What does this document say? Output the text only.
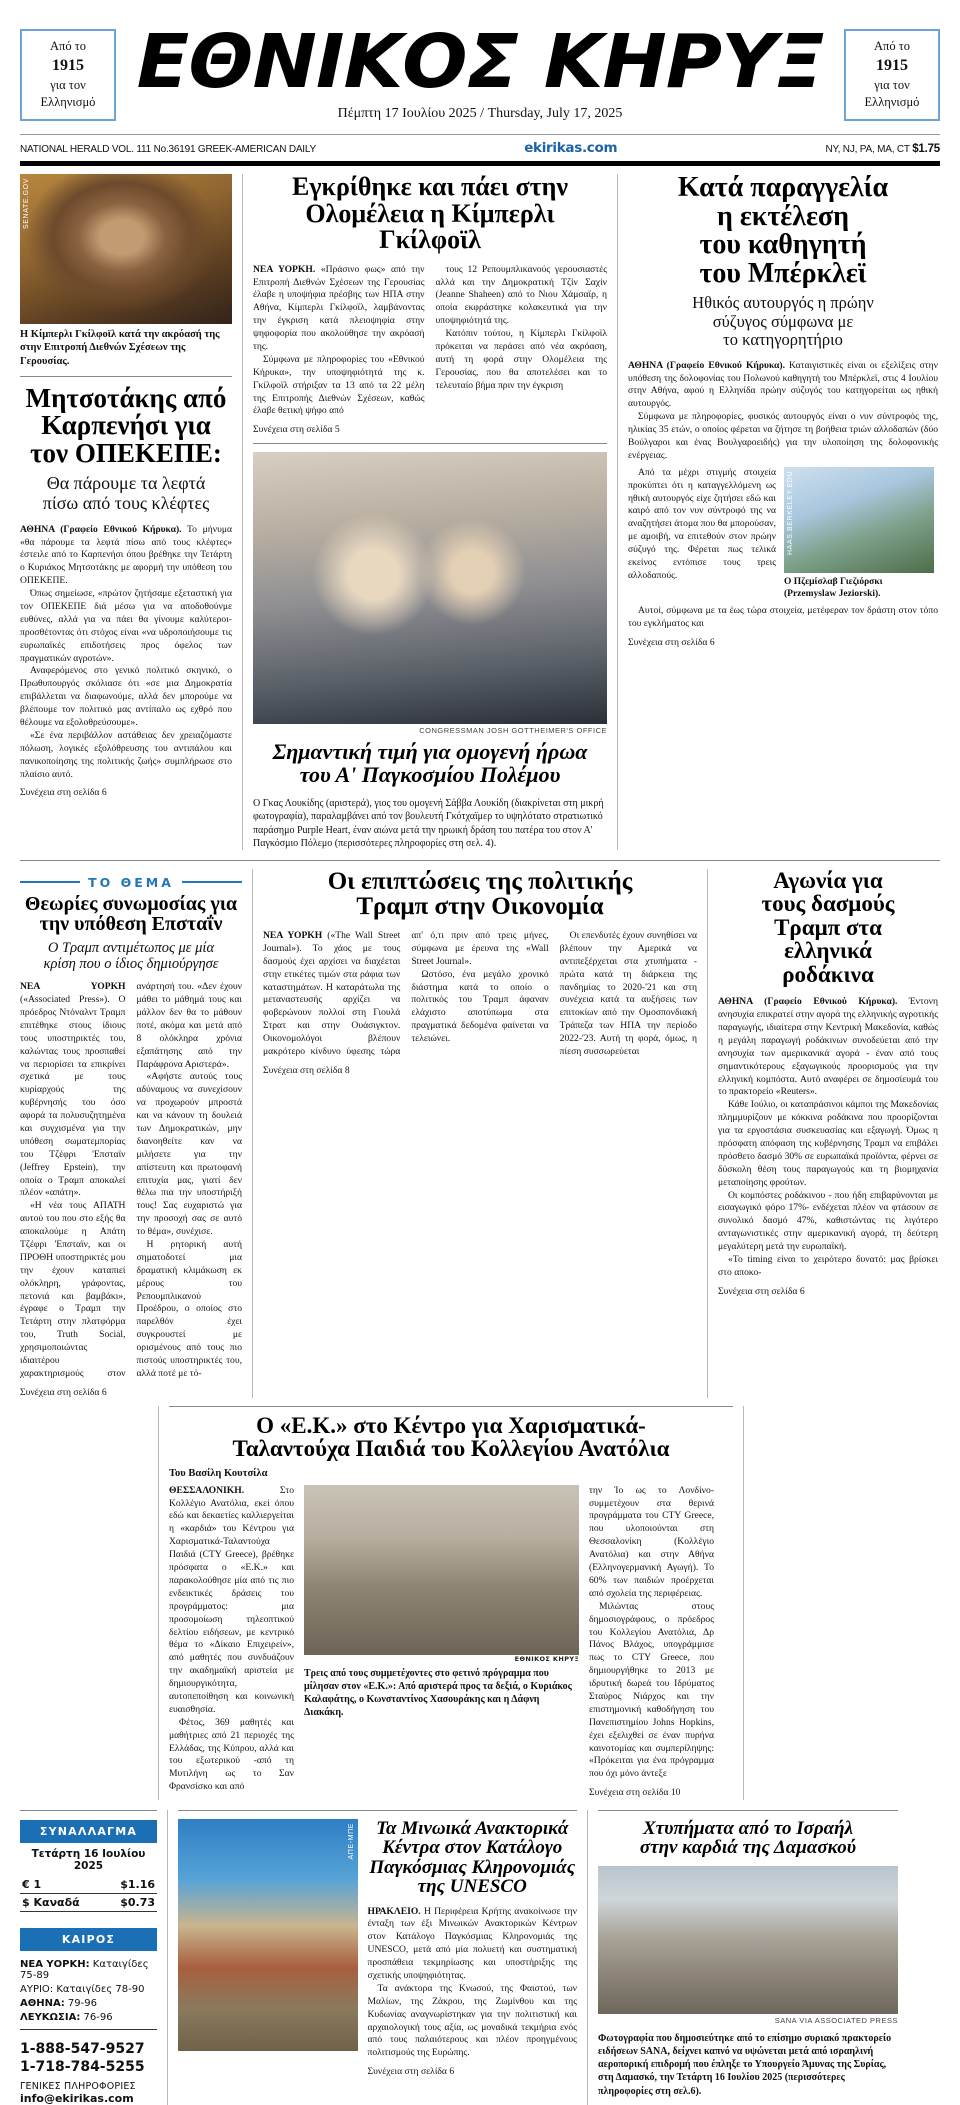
Από το
1915
για τον
Ελληνισμό ΕΘΝΙΚΟΣ ΚΗΡΥΞ
Πέμπτη 17 Ιουλίου 2025 / Thursday, July 17, 2025
Από το
1915
για τον
Ελληνισμό
NATIONAL HERALD VOL. 111 No.36191 GREEK-AMERICAN DAILY	ekirikas.com	NY, NJ, PA, MA, CT $1.75
SENATE.GOV
Η Κίμπερλι Γκίλφοϊλ κατά την ακρόασή της στην Επιτροπή Διεθνών Σχέσεων της Γερουσίας.
Μητσοτάκης από
Καρπενήσι για
τον ΟΠΕΚΕΠΕ:
Θα πάρουμε τα λεφτά
πίσω από τους κλέφτες

ΑΘΗΝΑ (Γραφείο Εθνικού Κήρυκα). Το μήνυμα «θα πάρουμε τα λεφτά πίσω από τους κλέφτες» έστειλε από το Καρπενήσι όπου βρέθηκε την Τετάρτη ο Κυριάκος Μητσοτάκης με αφορμή την υπόθεση του ΟΠΕΚΕΠΕ.

Όπως σημείωσε, «πρώτον ζητήσαμε εξεταστική για τον ΟΠΕΚΕΠΕ διά μέσω για να αποδοθούνμε ευθύνες, αλλά για να πάει θα γίνουμε καλύτεροι- προσθέτοντας ότι στόχος είναι «να υδροποιήσουμε τις ευρωπαϊκές επιδοτήσεις προς όφελος των πραγματικών αγροτών».

Αναφερόμενος στο γενικό πολιτικό σκηνικό, ο Πρωθυπουργός σκόλιασε ότι «σε μια Δημοκρατία επιβάλλεται να διαφωνούμε, αλλά δεν μπορούμε να βλέπουμε τον πολιτικό μας αντίπαλο ως εχθρό που θέλουμε να εξολοθρεύσουμε».

«Σε ένα περιβάλλον αστάθειας δεν χρειαζόμαστε πόλωση, λογικές εξολόθρευσης του αντιπάλου και πανικοποίησης της πολιτικής ζωής» συμπλήρωσε στο πλαίσιο αυτό.

Συνέχεια στη σελίδα 6
Εγκρίθηκε και πάει στην
Ολομέλεια η Κίμπερλι Γκίλφοϊλ

ΝΕΑ ΥΟΡΚΗ. «Πράσινο φως» από την Επιτροπή Διεθνών Σχέσεων της Γερουσίας έλαβε η υποψήφια πρέσβης των ΗΠΑ στην Αθήνα, Κίμπερλι Γκίλφοϊλ, λαμβάνοντας την έγκριση κατά πλειοψηφία στην ψηφοφορία που ακολούθησε την ακρόασή της.

Σύμφωνα με πληροφορίες του «Εθνικού Κήρυκα», την υποψηφιότητά της κ. Γκίλφοϊλ στήριξαν τα 13 από τα 22 μέλη της Επιτροπής Διεθνών Σχέσεων, καθώς έλαβε θετική ψήφο από

τους 12 Ρεπουμπλικανούς γερουσιαστές αλλά και την Δημοκρατική Τζίν Σαχίν (Jeanne Shaheen) από το Νιου Χάμσαϊρ, η οποία εκφράστηκε κολακευτικά για την υποψηφιότητά της.

Κατόπιν τούτου, η Κίμπερλι Γκίλφοϊλ πρόκειται να περάσει από νέα ακρόαση, αυτή τη φορά στην Ολομέλεια της Γερουσίας, που θα αποτελέσει και το τελευταίο βήμα πριν την έγκριση

Συνέχεια στη σελίδα 5
CONGRESSMAN JOSH GOTTHEIMER'S OFFICE
Σημαντική τιμή για ομογενή ήρωα
του Α' Παγκοσμίου Πολέμου
Ο Γκας Λουκίδης (αριστερά), γιος του ομογενή Σάββα Λουκίδη (διακρίνεται στη μικρή φωτογραφία), παραλαμβάνει από τον βουλευτή Γκότχαϊμερ το υψηλότατο στρατιωτικό παράσημο Purple Heart, έναν αιώνα μετά την ηρωική δράση του πατέρα του στον Α' Παγκόσμιο Πόλεμο (περισσότερες πληροφορίες στη σελ. 4).
Κατά παραγγελία
η εκτέλεση
του καθηγητή
του Μπέρκλεϊ
Ηθικός αυτουργός η πρώην
σύζυγος σύμφωνα με
το κατηγορητήριο

ΑΘΗΝΑ (Γραφείο Εθνικού Κήρυκα). Καταιγιστικές είναι οι εξελίξεις στην υπόθεση της δολοφονίας του Πολωνού καθηγητή του Μπέρκλεϊ, στις 4 Ιουλίου στην Αθήνα, αφού η Ελληνίδα πρώην σύζυγός του κατηγορείται ως ηθική αυτουργός.

Σύμφωνα με πληροφορίες, φυσικός αυτουργός είναι ο νυν σύντροφός της, ηλικίας 35 ετών, ο οποίος φέρεται να ζήτησε τη βοήθεια τριών αλλοδαπών (δύο Βούλγαροι και ένας Βουλγαροειδής) για την υλοποίηση της δολοφονικής ενέργειας.

Από τα μέχρι στιγμής στοιχεία προκύπτει ότι η καταγγελλόμενη ως ηθική αυτουργός είχε ζητήσει εδώ και καιρό από τον νυν σύντροφό της να αναζητήσει άτομα που θα μπορούσαν, με αμοιβή, να επιτεθούν στον πρώην σύζυγό της. Φέρεται πως τελικά εκείνος εντόπισε τους τρεις αλλοδαπούς.

HAAS.BERKELEY.EDU
Ο Πζεμίσλαβ Γιεζιόρσκι (Przemyslaw Jeziorski).

Αυτοί, σύμφωνα με τα έως τώρα στοιχεία, μετέφεραν τον δράστη στον τόπο του εγκλήματος και

Συνέχεια στη σελίδα 6
ΤΟ ΘΕΜΑ
Θεωρίες συνωμοσίας για
την υπόθεση Επσταΐν
Ο Τραμπ αντιμέτωπος με μία
κρίση που ο ίδιος δημιούργησε

ΝΕΑ ΥΟΡΚΗ («Associated Press»). Ο πρόεδρος Ντόναλντ Τραμπ επιτέθηκε στους ίδιους τους υποστηρικτές του, καλώντας τους προσπαθεί να περιορίσει τα επικρίνει σχετικά με τους κυρίαρχούς της κυβέρνησής του όσο αφορά τα πολυσυζητημένα και συγχισμένα για την υπόθεση σωματεμπορίας του Τζέφρι 'Επσταϊν (Jeffrey Epstein), την οποία ο Τραμπ αποκαλεί πλέον «απάτη».

«Η νέα τους ΑΠΑΤΗ αυτού του που στο εξής θα αποκαλούμε η Απάτη Τζέφρι 'Επσταϊν, και οι ΠΡΟΘΗ υποστηρικτές μου την έχουν καταπιεί ολόκληρη, γράφοντας, πετονιά και βαμβάκι», έγραφε ο Τραμπ την Τετάρτη στην πλατφόρμα του, Truth Social, χρησιμοποιώντας ιδιαιτέρου χαρακτηρισμούς στον ανάρτησή του. «Δεν έχουν μάθει το μάθημά τους και μάλλον δεν θα το μάθουν ποτέ, ακόμα και μετά από 8 ολόκληρα χρόνια εξαπάτησης από την Παράφρονα Αριστερά».

«Αφήστε αυτούς τους αδύναμους να συνεχίσουν να προχωρούν μπροστά και να κάνουν τη δουλειά των Δημοκρατικών, μην διανοηθείτε καν να μιλήσετε για την απίστευτη και πρωτοφανή επιτυχία μας, γιατί δεν θέλω πια την υποστήριξή τους! Σας ευχαριστώ για την προσοχή σας σε αυτό το θέμα», συνέχισε.

Η ρητορική αυτή σηματοδοτεί μια δραματική κλιμάκωση εκ μέρους του Ρεπουμπλικανού Προέδρου, ο οποίος στο παρελθόν έχει συγκρουστεί με ορισμένους από τους πιο πιστούς υποστηρικτές του, αλλά ποτέ με τό-

Συνέχεια στη σελίδα 6
Οι επιπτώσεις της πολιτικής
Τραμπ στην Οικονομία

ΝΕΑ ΥΟΡΚΗ («The Wall Street Journal»). Το χάος με τους δασμούς έχει αρχίσει να διαχέεται στην ετικέτες τιμών στα ράφια των καταστημάτων. Η καταράτωλα της μεταναστευσής αρχίζει να φοβερώνουν πολλοί στη Γιουλά Στρατ και στην Ουάσιγκτον. Οικονομολόγοι βλέπουν μακρότερο κίνδυνο ύφεσης τώρα απ' ό,τι πριν από τρεις μήνες, σύμφωνα με έρευνα της «Wall Street Journal».

Ωστόσο, ένα μεγάλο χρονικό διάστημα κατά το οποίο ο πολιτικός του Τραμπ άφαναν ελάχιστο αποτύπωμα στα πραγματικά δεδομένα φαίνεται να τελειώνει.

Οι επενδυτές έχουν συνηθίσει να βλέπουν την Αμερικά να αντιπεξέρχεται στα χτυπήματα - πρώτα κατά τη διάρκεια της πανδημίας το 2020-'21 και στη συνέχεια κατά τα αυξήσεις των επιτοκίων από την Ομοσπονδιακή Τράπεζα των ΗΠΑ την περίοδο 2022-'23. Αυτή τη φορά, όμως, η πίεση συσσωρεύεται

Συνέχεια στη σελίδα 8
Αγωνία για
τους δασμούς
Τραμπ στα
ελληνικά
ροδάκινα

ΑΘΗΝΑ (Γραφείο Εθνικού Κήρυκα). Έντονη ανησυχία επικρατεί στην αγορά της ελληνικής αγροτικής παραγωγής, ιδιαίτερα στην Κεντρική Μακεδονία, καθώς η μεγάλη παραγωγή ροδάκινων συνοδεύεται από την ανησυχία των αμερικανικά αγορά - έναν από τους σημαντικότερους εξαγωγικούς προορισμούς για την ελληνική κομπόστα. Αυτό αναφέρει σε δημοσίευμά του το πρακτορείο «Reuters».

Κάθε Ιούλιο, οι καταπράσινοι κάμποι της Μακεδονίας πλημμυρίζουν με κόκκινα ροδάκινα που προορίζονται για τα εργοστάσια συσκευασίας και εξαγωγή. Όμως η πρόσφατη απόφαση της κυβέρνησης Τραμπ να επιβάλει πρόσθετο δασμό 30% σε ευρωπαϊκά προϊόντα, φέρνει σε δύσκολη θέση τους παραγωγούς και τη βιομηχανία μεταποίησης φρούτων.

Οι κομπόστες ροδάκινου - που ήδη επιβαρύνονται με εισαγωγικό φόρο 17%- ενδέχεται πλέον να φτάσουν σε συνολικό δασμό 47%, καθιστώντας τις λιγότερο ανταγωνιστικές στην αμερικανική αγορά, τη δεύτερη μεγαλύτερη μετά την ευρωπαϊκή.

«Το timing είναι το χειρότερο δυνατό: μας βρίσκει στο αποκο-

Συνέχεια στη σελίδα 6
Ο «Ε.Κ.» στο Κέντρο για Χαρισματικά-
Ταλαντούχα Παιδιά του Κολλεγίου Ανατόλια
Του Βασίλη Κουτσίλα

ΘΕΣΣΑΛΟΝΙΚΗ. Στο Κολλέγιο Ανατόλια, εκεί όπου εδώ και δεκαετίες καλλιεργείται η «καρδιά» του Κέντρου για Χαρισματικά-Ταλαντούχα Παιδιά (CTY Greece), βρέθηκε πρόσφατα ο «Ε.Κ.» και παρακολούθησε μία από τις πιο ενδεικτικές δράσεις του προγράμματος: μια προσομοίωση τηλεοπτικού δελτίου ειδήσεων, με κεντρικό θέμα το «Δίκαιο Επιχειρείν», από μαθητές που συνδυάζουν την ακαδημαϊκή αριστεία με δημιουργικότητα, αυτοπεποίθηση και κοινωνική ευαισθησία.

Φέτος, 369 μαθητές και μαθήτριες από 21 περιοχές της Ελλάδας, της Κύπρου, αλλά και του εξωτερικού -από τη Μυτιλήνη ως το Σαν Φρανσίσκο και από

ΕΘΝΙΚΟΣ ΚΗΡΥΞ
Τρεις από τους συμμετέχοντες στο φετινό πρόγραμμα που μίλησαν στον «Ε.Κ.»: Από αριστερά προς τα δεξιά, ο Κυριάκος Καλαφάτης, ο Κωνσταντίνος Χασουράκης και η Δάφνη Διακάκη.

την Ίο ως το Λονδίνο- συμμετέχουν στα θερινά προγράμματα του CTY Greece, που υλοποιούνται στη Θεσσαλονίκη (Κολλέγιο Ανατόλια) και στην Αθήνα (Ελληνογερμανική Αγωγή). Το 60% των παιδιών προέρχεται από σχολεία της περιφέρειας.

Μιλώντας στους δημοσιογράφους, ο πρόεδρος του Κολλεγίου Ανατόλια, Δρ Πάνος Βλάχος, υπογράμμισε πως το CTY Greece, που δημιουργήθηκε το 2013 με ιδρυτική δωρεά του Ιδρύματος Σταύρος Νιάρχος και την επιστημονική καθοδήγηση του Πανεπιστημίου Johns Hopkins, έχει εξελιχθεί σε έναν πυρήνα καινοτομίας και συμπερίληψης: «Πρόκειται για ένα πρόγραμμα που όχι μόνο άντεξε

Συνέχεια στη σελίδα 10
ΣΥΝΑΛΛΑΓΜΑ
Τετάρτη 16 Ιουλίου 2025
€ 1	$1.16
$ Καναδά	$0.73
ΚΑΙΡΟΣ
ΝΕΑ ΥΟΡΚΗ: Καταιγίδες 75-89
ΑΥΡΙΟ: Καταιγίδες 78-90
ΑΘΗΝΑ: 79-96
ΛΕΥΚΩΣΙΑ: 76-96
1-888-547-9527
1-718-784-5255
ΓΕΝΙΚΕΣ ΠΛΗΡΟΦΟΡΙΕΣ
info@ekirikas.com
ΑΠΕ-ΜΠΕ	Τα Μινωικά Ανακτορικά
Κέντρα στον Κατάλογο
Παγκόσμιας Κληρονομιάς
της UNESCO

ΗΡΑΚΛΕΙΟ. Η Περιφέρεια Κρήτης ανακοίνωσε την ένταξη των έξι Μινωικών Ανακτορικών Κέντρων στον Κατάλογο Παγκόσμιας Κληρονομιάς της UNESCO, μετά από μία πολυετή και συστηματική προσπάθεια τεκμηρίωσης και υποστήριξης της σχετικής υποψηφιότητας.

Τα ανάκτορα της Κνωσού, της Φαιστού, των Μαλίων, της Ζάκρου, της Ζωμίνθου και της Κυδωνίας αναγνωρίστηκαν για την πολιτιστική και αρχαιολογική τους αξία, ως μοναδικά τεκμήρια ενός από τους παλαιότερους και πλέον προηγμένους πολιτισμούς της Ευρώπης.

Συνέχεια στη σελίδα 6
Χτυπήματα από το Ισραήλ
στην καρδιά της Δαμασκού
SANA VIA ASSOCIATED PRESS
Φωτογραφία που δημοσιεύτηκε από το επίσημο συριακό πρακτορείο ειδήσεων SANA, δείχνει καπνό να υψώνεται μετά από ισραηλινή αεροπορική επιδρομή που έπληξε το Υπουργείο Άμυνας της Συρίας, στη Δαμασκό, την Τετάρτη 16 Ιουλίου 2025 (περισσότερες πληροφορίες στη σελ.6).
